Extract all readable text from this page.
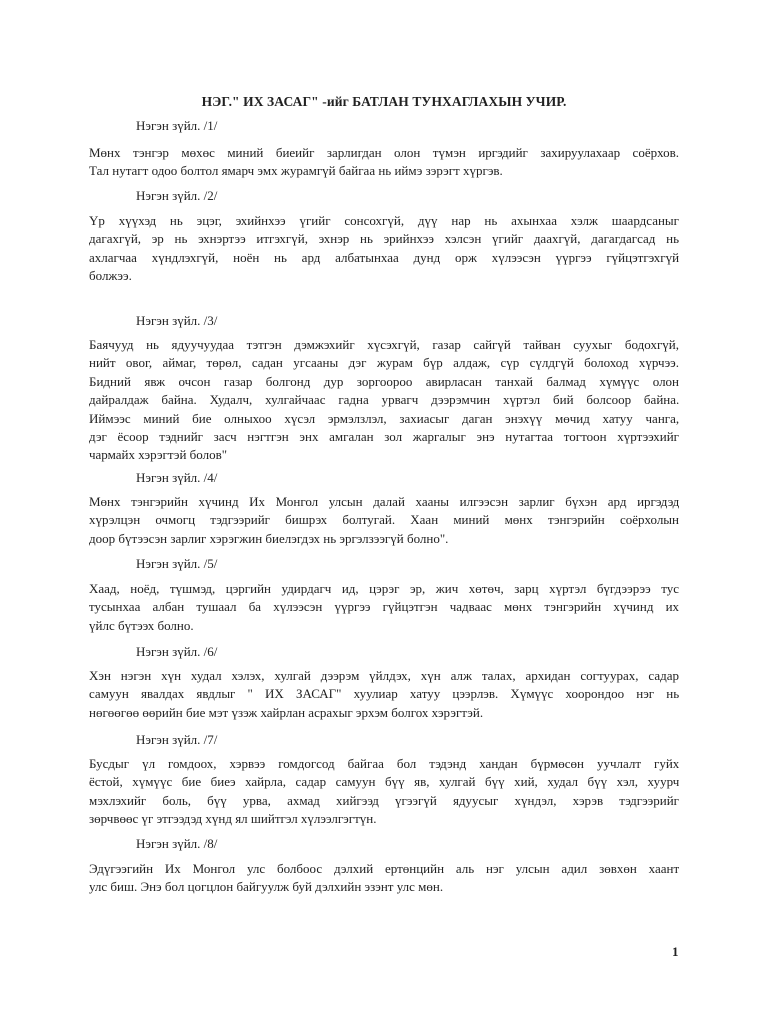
НЭГ." ИХ ЗАСАГ" -ийг БАТЛАН ТУНХАГЛАХЫН УЧИР.
Нэгэн зүйл. /1/
Мөнх тэнгэр мөхөс миний биеийг зарлигдан олон түмэн иргэдийг захируулахаар соёрхов.
Тал нутагт одоо болтол ямарч эмх журамгүй байгаа нь иймэ зэрэгт хүргэв.
Нэгэн зүйл. /2/
Үр хүүхэд нь эцэг, эхийнхээ үгийг сонсохгүй, дүү нар нь ахынхаа хэлж шаардсаныг
дагахгүй, эр нь эхнэртээ итгэхгүй, эхнэр нь эрийнхээ хэлсэн үгийг даахгүй, дагагдагсад нь
ахлагчаа хүндлэхгүй, ноён нь ард албатынхаа дунд орж хүлээсэн үүргээ гүйцэтгэхгүй
болжээ.
Нэгэн зүйл. /3/
Баячууд нь ядуучуудаа тэтгэн дэмжэхийг хүсэхгүй, газар сайгүй тайван суухыг бодохгүй,
нийт овог, аймаг, төрөл, садан угсааны дэг журам бүр алдаж, сүр сүлдгүй болоход хүрчээ.
Бидний явж очсон газар болгонд дур зоргоороо авирласан танхай балмад хүмүүс олон
дайралдаж байна. Худалч, хулгайчаас гадна урвагч дээрэмчин хүртэл бий болсоор байна.
Иймээс миний бие олныхоо хүсэл эрмэлзлэл, захиасыг даган энэхүү мөчид хатуу чанга,
дэг ёсоор тэднийг засч нэгтгэн энх амгалан зол жаргалыг энэ нутагтаа тогтоон хүртээхийг
чармайх хэрэгтэй болов"
Нэгэн зүйл. /4/
Мөнх тэнгэрийн хүчинд Их Монгол улсын далай хааны илгээсэн зарлиг бүхэн ард иргэдэд
хүрэлцэн очмогц тэдгээрийг бишрэх болтугай. Хаан миний мөнх тэнгэрийн соёрхолын
доор бүтээсэн зарлиг хэрэгжин биелэгдэх нь эргэлзээгүй болно".
Нэгэн зүйл. /5/
Хаад, ноёд, түшмэд, цэргийн удирдагч ид, цэрэг эр, жич хөтөч, зарц хүртэл бүгдээрээ тус
тусынхаа албан тушаал ба хүлээсэн үүргээ гүйцэтгэн чадваас мөнх тэнгэрийн хүчинд их
үйлс бүтээх болно.
Нэгэн зүйл. /6/
Хэн нэгэн хүн худал хэлэх, хулгай дээрэм үйлдэх, хүн алж талах, архидан согтуурах, садар
самуун явалдах явдлыг " ИХ ЗАСАГ" хуулиар хатуу цээрлэв. Хүмүүс хоорондоо нэг нь
нөгөөгөө өөрийн бие мэт үзэж хайрлан асрахыг эрхэм болгох хэрэгтэй.
Нэгэн зүйл. /7/
Бусдыг үл гомдоох, хэрвээ гомдогсод байгаа бол тэдэнд хандан бүрмөсөн уучлалт гуйх
ёстой, хүмүүс бие биеэ хайрла, садар самуун бүү яв, хулгай бүү хий, худал бүү хэл, хуурч
мэхлэхийг боль, бүү урва, ахмад хийгээд үгээгүй ядуусыг хүндэл, хэрэв тэдгээрийг
зөрчвөөс үг этгээдэд хүнд ял шийтгэл хүлээлгэгтүн.
Нэгэн зүйл. /8/
Эдүгээгийн Их Монгол улс болбоос дэлхий ертөнцийн аль нэг улсын адил зөвхөн хаант
улс биш. Энэ бол цогцлон байгуулж буй дэлхийн эзэнт улс мөн.
1
